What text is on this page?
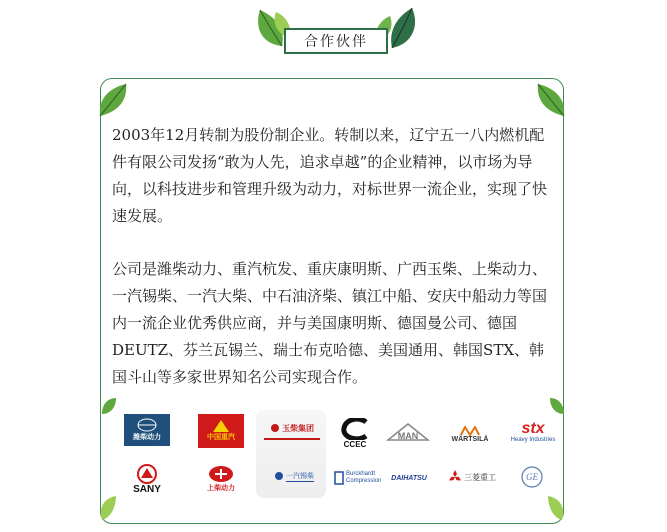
合作伙伴

2003年12月转制为股份制企业。转制以来，辽宁五一八内燃机配件有限公司发扬“敢为人先，追求卓越”的企业精神，以市场为导向，以科技进步和管理升级为动力，对标世界一流企业，实现了快速发展。

公司是潍柴动力、重汽杭发、重庆康明斯、广西玉柴、上柴动力、一汽锡柴、一汽大柴、中石油济柴、镇江中船、安庆中船动力等国内一流企业优秀供应商，并与美国康明斯、德国曼公司、德国DEUTZ、芬兰瓦锡兰、瑞士布克哈德、美国通用、韩国STX、韩国斗山等多家世界知名公司实现合作。

潍柴动力	中国重汽
玉柴集团
CCEC
MAN	WÄRTSILÄ
stx
Heavy Industries
SANY	上柴动力
一汽锡柴	Burckhardt Compression DAIHATSU	三菱重工	GE
